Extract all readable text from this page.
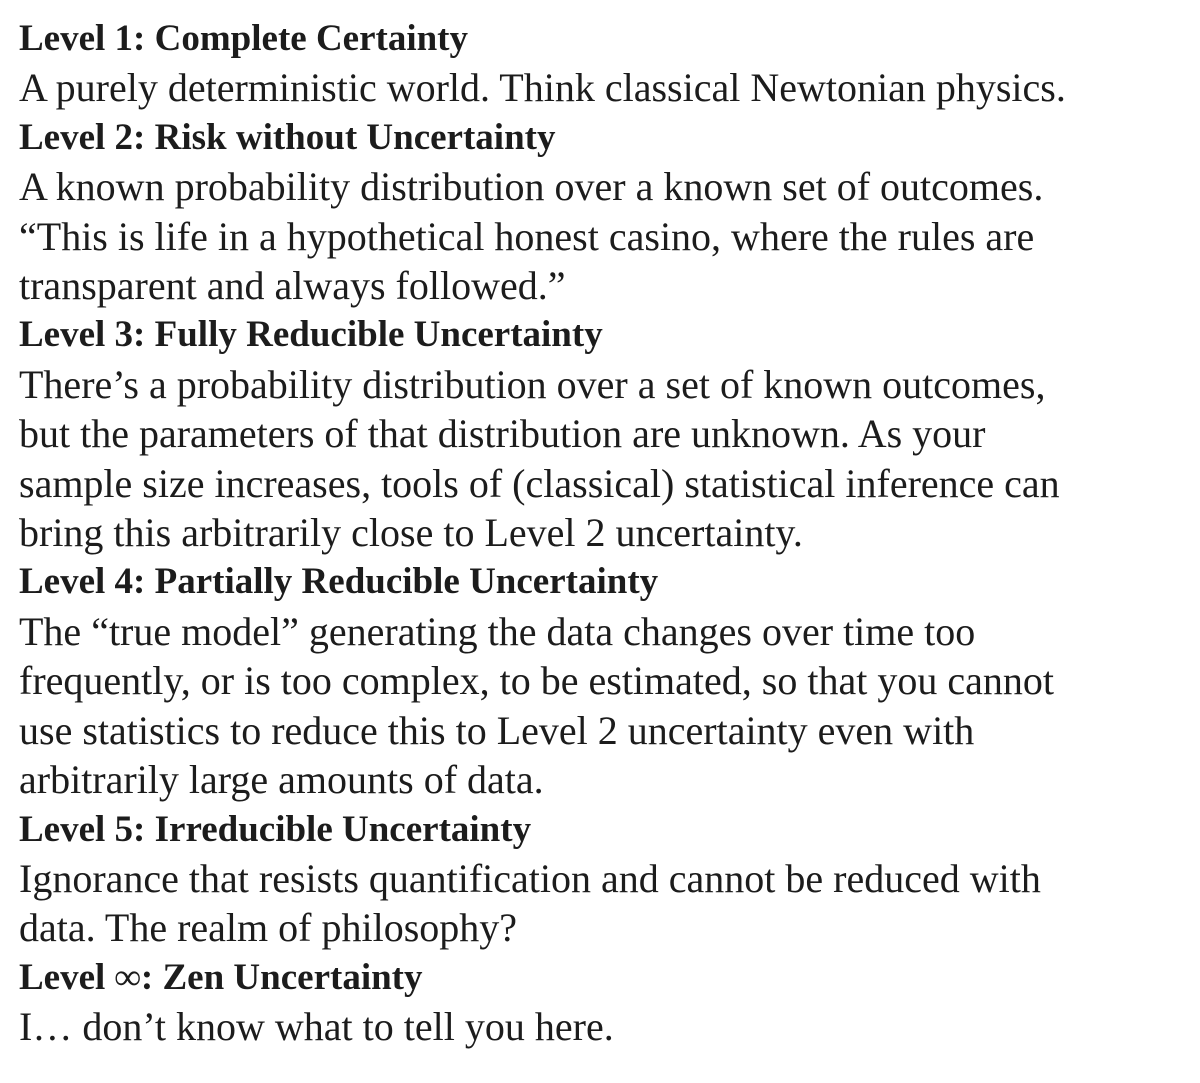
Level 1: Complete Certainty
A purely deterministic world. Think classical Newtonian physics.
Level 2: Risk without Uncertainty
A known probability distribution over a known set of outcomes.
“This is life in a hypothetical honest casino, where the rules are
transparent and always followed.”
Level 3: Fully Reducible Uncertainty
There’s a probability distribution over a set of known outcomes,
but the parameters of that distribution are unknown. As your
sample size increases, tools of (classical) statistical inference can
bring this arbitrarily close to Level 2 uncertainty.
Level 4: Partially Reducible Uncertainty
The “true model” generating the data changes over time too
frequently, or is too complex, to be estimated, so that you cannot
use statistics to reduce this to Level 2 uncertainty even with
arbitrarily large amounts of data.
Level 5: Irreducible Uncertainty
Ignorance that resists quantification and cannot be reduced with
data. The realm of philosophy?
Level ∞: Zen Uncertainty
I… don’t know what to tell you here.
